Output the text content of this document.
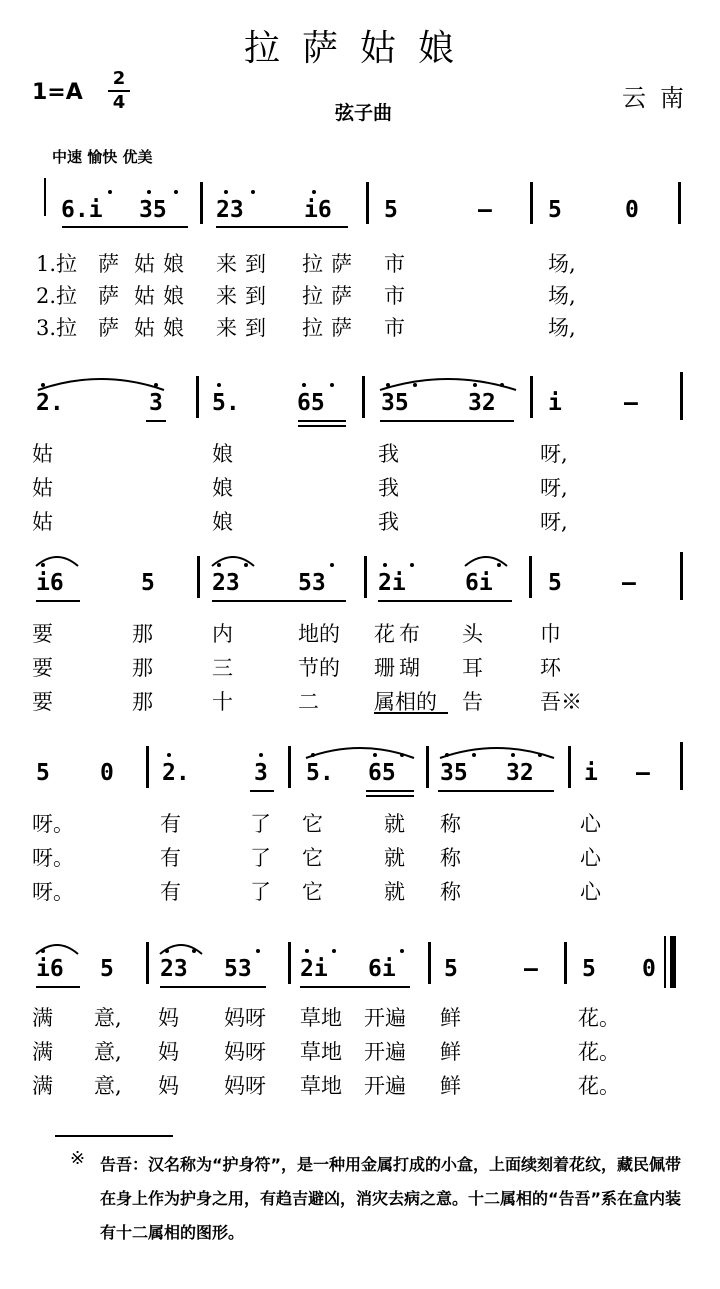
拉萨姑娘
1=A
2
4	弦子曲
云南
中速 愉快 优美
6.i 35 23	i6 5	– 5	0
1.拉 萨 姑娘 来到 拉萨 市	场,
2.拉 萨 姑娘 来到 拉萨 市	场,
3.拉 萨 姑娘 来到 拉萨 市	场,
2.	3 5. 65 35	32 i	–
姑	娘	我	呀,
姑	娘	我	呀,
姑	娘	我	呀,
i6	5 23	53 2i	6i 5	–
要	那	内	地的 花布 头	巾
要	那	三	节的 珊瑚 耳	环
要	那	十	二	属相的 告	吾※
5 0 2.	3 5. 65 35 32 i –
呀。	有	了 它	就 称	心
呀。	有	了 它	就 称	心
呀。	有	了 它	就 称	心
i6 5 23 53 2i 6i 5	– 5 0
满 意, 妈 妈呀 草地 开遍 鲜	花。
满 意, 妈 妈呀 草地 开遍 鲜	花。
满 意, 妈 妈呀 草地 开遍 鲜	花。
※ 告吾：汉名称为“护身符”，是一种用金属打成的小盒，上面续刻着花纹，藏民佩带在身上作为护身之用，有趋吉避凶，消灾去病之意。十二属相的“告吾”系在盒内装有十二属相的图形。
